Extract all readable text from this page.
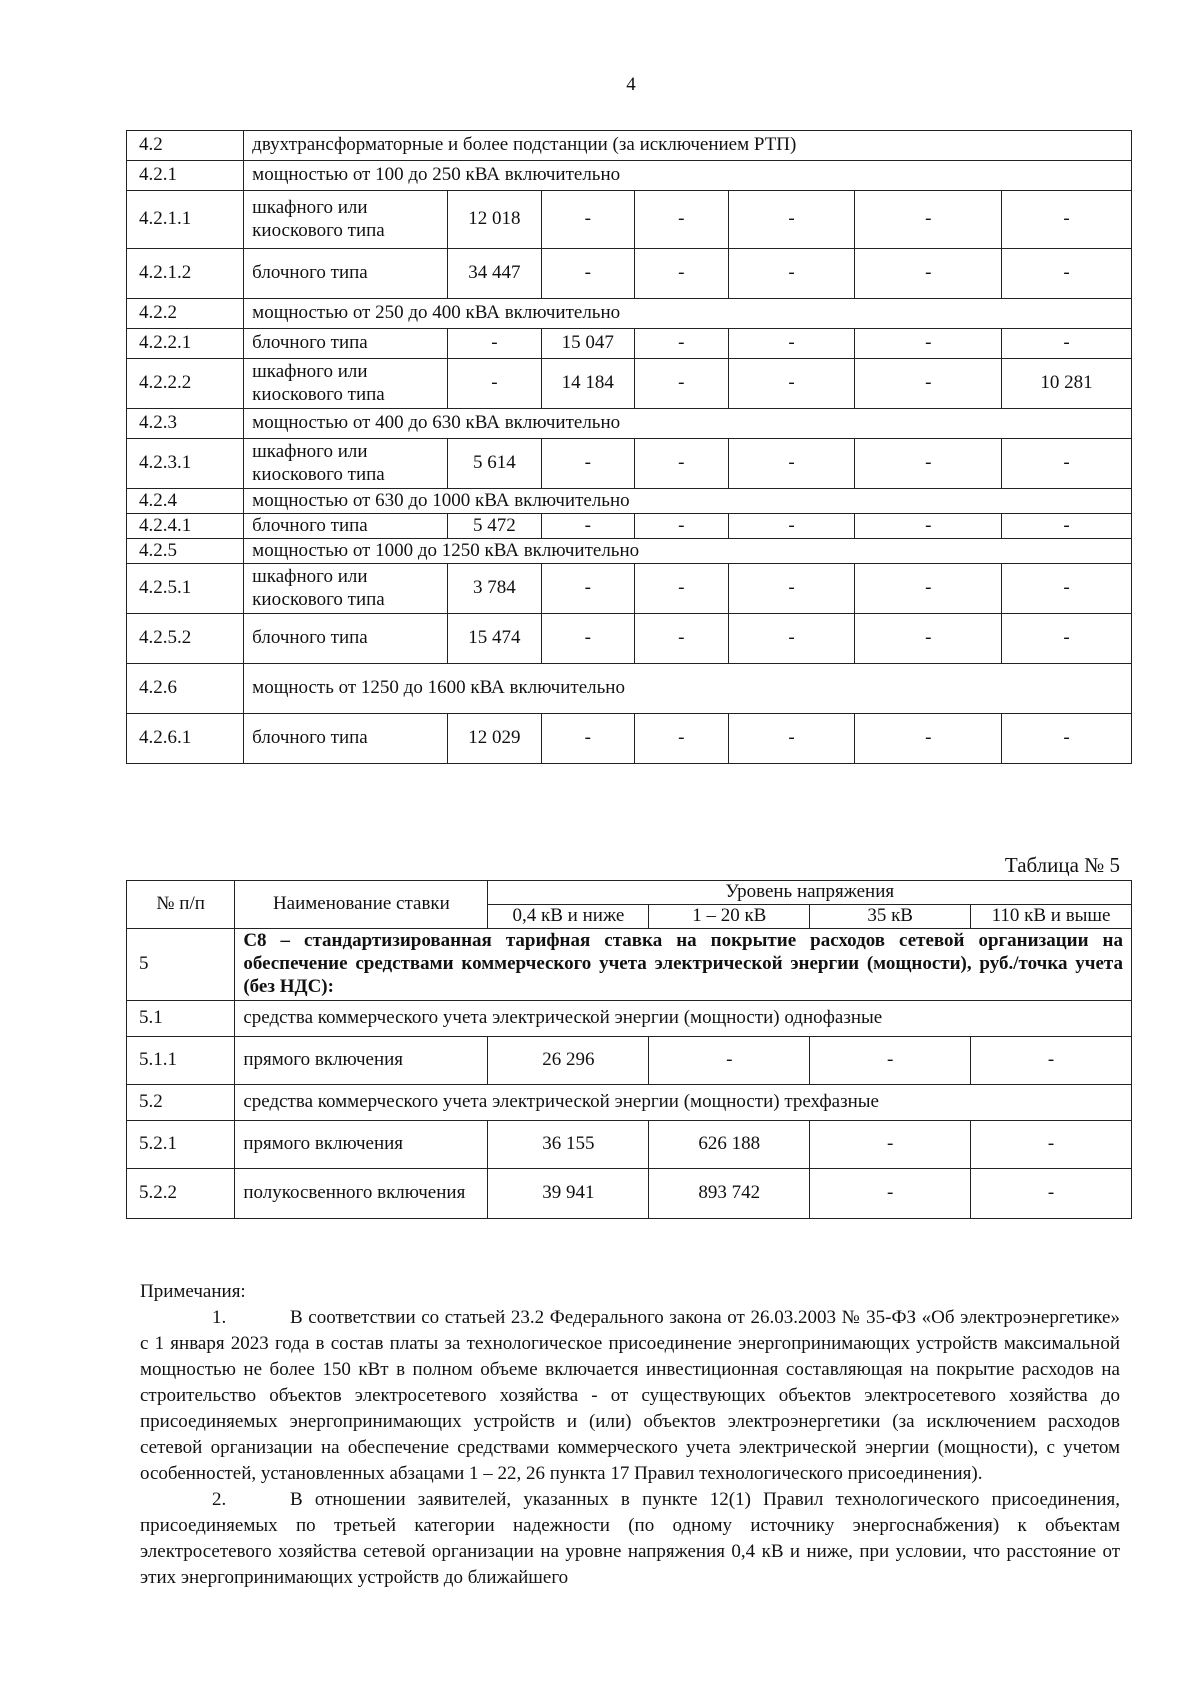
4
4.2	двухтрансформаторные и более подстанции (за исключением РТП)						
4.2.1	мощностью от 100 до 250 кВА включительно						
4.2.1.1	шкафного или киоскового типа	12 018	-	-	-	-	-
4.2.1.2	блочного типа	34 447	-	-	-	-	-
4.2.2	мощностью от 250 до 400 кВА включительно						
4.2.2.1	блочного типа	-	15 047	-	-	-	-
4.2.2.2	шкафного или киоскового типа	-	14 184	-	-	-	10 281
4.2.3	мощностью от 400 до 630 кВА включительно						
4.2.3.1	шкафного или киоскового типа	5 614	-	-	-	-	-
4.2.4	мощностью от 630 до 1000 кВА включительно						
4.2.4.1	блочного типа	5 472	-	-	-	-	-
4.2.5	мощностью от 1000 до 1250 кВА включительно						
4.2.5.1	шкафного или киоскового типа	3 784	-	-	-	-	-
4.2.5.2	блочного типа	15 474	-	-	-	-	-
4.2.6	мощность от 1250 до 1600 кВА включительно						
4.2.6.1	блочного типа	12 029	-	-	-	-	-
Таблица № 5
№ п/п	Наименование ставки	Уровень напряжения			
		0,4 кВ и ниже	1 – 20 кВ	35 кВ	110 кВ и выше
5	С8 – стандартизированная тарифная ставка на покрытие расходов сетевой организации на обеспечение средствами коммерческого учета электрической энергии (мощности), руб./точка учета (без НДС):				
5.1	средства коммерческого учета электрической энергии (мощности) однофазные				
5.1.1	прямого включения	26 296	-	-	-
5.2	средства коммерческого учета электрической энергии (мощности) трехфазные				
5.2.1	прямого включения	36 155	626 188	-	-
5.2.2	полукосвенного включения	39 941	893 742	-	-

Примечания:

1.	В соответствии со статьей 23.2 Федерального закона от 26.03.2003 № 35-ФЗ «Об электроэнергетике» с 1 января 2023 года в состав платы за технологическое присоединение энергопринимающих устройств максимальной мощностью не более 150 кВт в полном объеме включается инвестиционная составляющая на покрытие расходов на строительство объектов электросетевого хозяйства - от существующих объектов электросетевого хозяйства до присоединяемых энергопринимающих устройств и (или) объектов электроэнергетики (за исключением расходов сетевой организации на обеспечение средствами коммерческого учета электрической энергии (мощности), с учетом особенностей, установленных абзацами 1 – 22, 26 пункта 17 Правил технологического присоединения).

2.	В отношении заявителей, указанных в пункте 12(1) Правил технологического присоединения, присоединяемых по третьей категории надежности (по одному источнику энергоснабжения) к объектам электросетевого хозяйства сетевой организации на уровне напряжения 0,4 кВ и ниже, при условии, что расстояние от этих энергопринимающих устройств до ближайшего
